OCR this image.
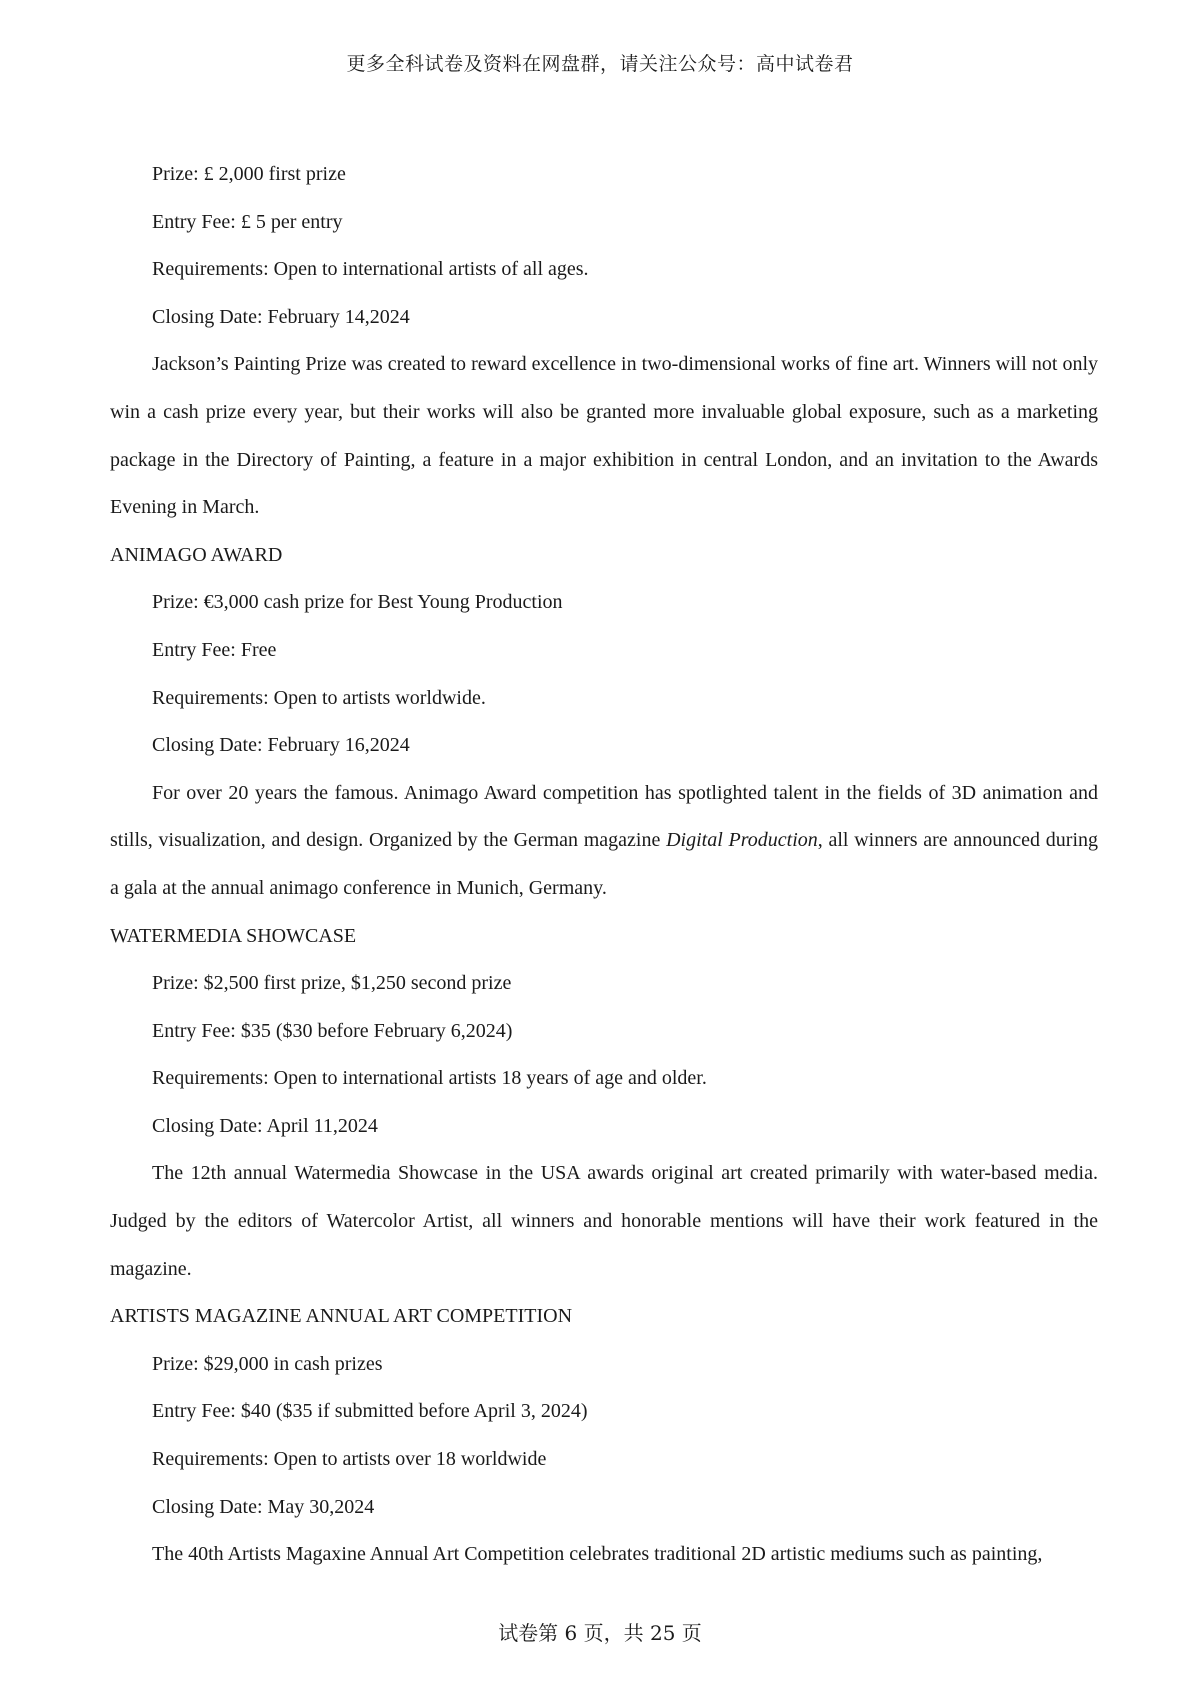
更多全科试卷及资料在网盘群，请关注公众号：高中试卷君

Prize: £ 2,000 first prize

Entry Fee: £ 5 per entry

Requirements: Open to international artists of all ages.

Closing Date: February 14,2024

Jackson’s Painting Prize was created to reward excellence in two-dimensional works of fine art. Winners will not only win a cash prize every year, but their works will also be granted more invaluable global exposure, such as a marketing package in the Directory of Painting, a feature in a major exhibition in central London, and an invitation to the Awards Evening in March.

ANIMAGO AWARD

Prize: €3,000 cash prize for Best Young Production

Entry Fee: Free

Requirements: Open to artists worldwide.

Closing Date: February 16,2024

For over 20 years the famous. Animago Award competition has spotlighted talent in the fields of 3D animation and stills, visualization, and design. Organized by the German magazine Digital Production, all winners are announced during a gala at the annual animago conference in Munich, Germany.

WATERMEDIA SHOWCASE

Prize: $2,500 first prize, $1,250 second prize

Entry Fee: $35 ($30 before February 6,2024)

Requirements: Open to international artists 18 years of age and older.

Closing Date: April 11,2024

The 12th annual Watermedia Showcase in the USA awards original art created primarily with water-based media. Judged by the editors of Watercolor Artist, all winners and honorable mentions will have their work featured in the magazine.

ARTISTS MAGAZINE ANNUAL ART COMPETITION

Prize: $29,000 in cash prizes

Entry Fee: $40 ($35 if submitted before April 3, 2024)

Requirements: Open to artists over 18 worldwide

Closing Date: May 30,2024

The 40th Artists Magaxine Annual Art Competition celebrates traditional 2D artistic mediums such as painting,

试卷第 6 页，共 25 页
